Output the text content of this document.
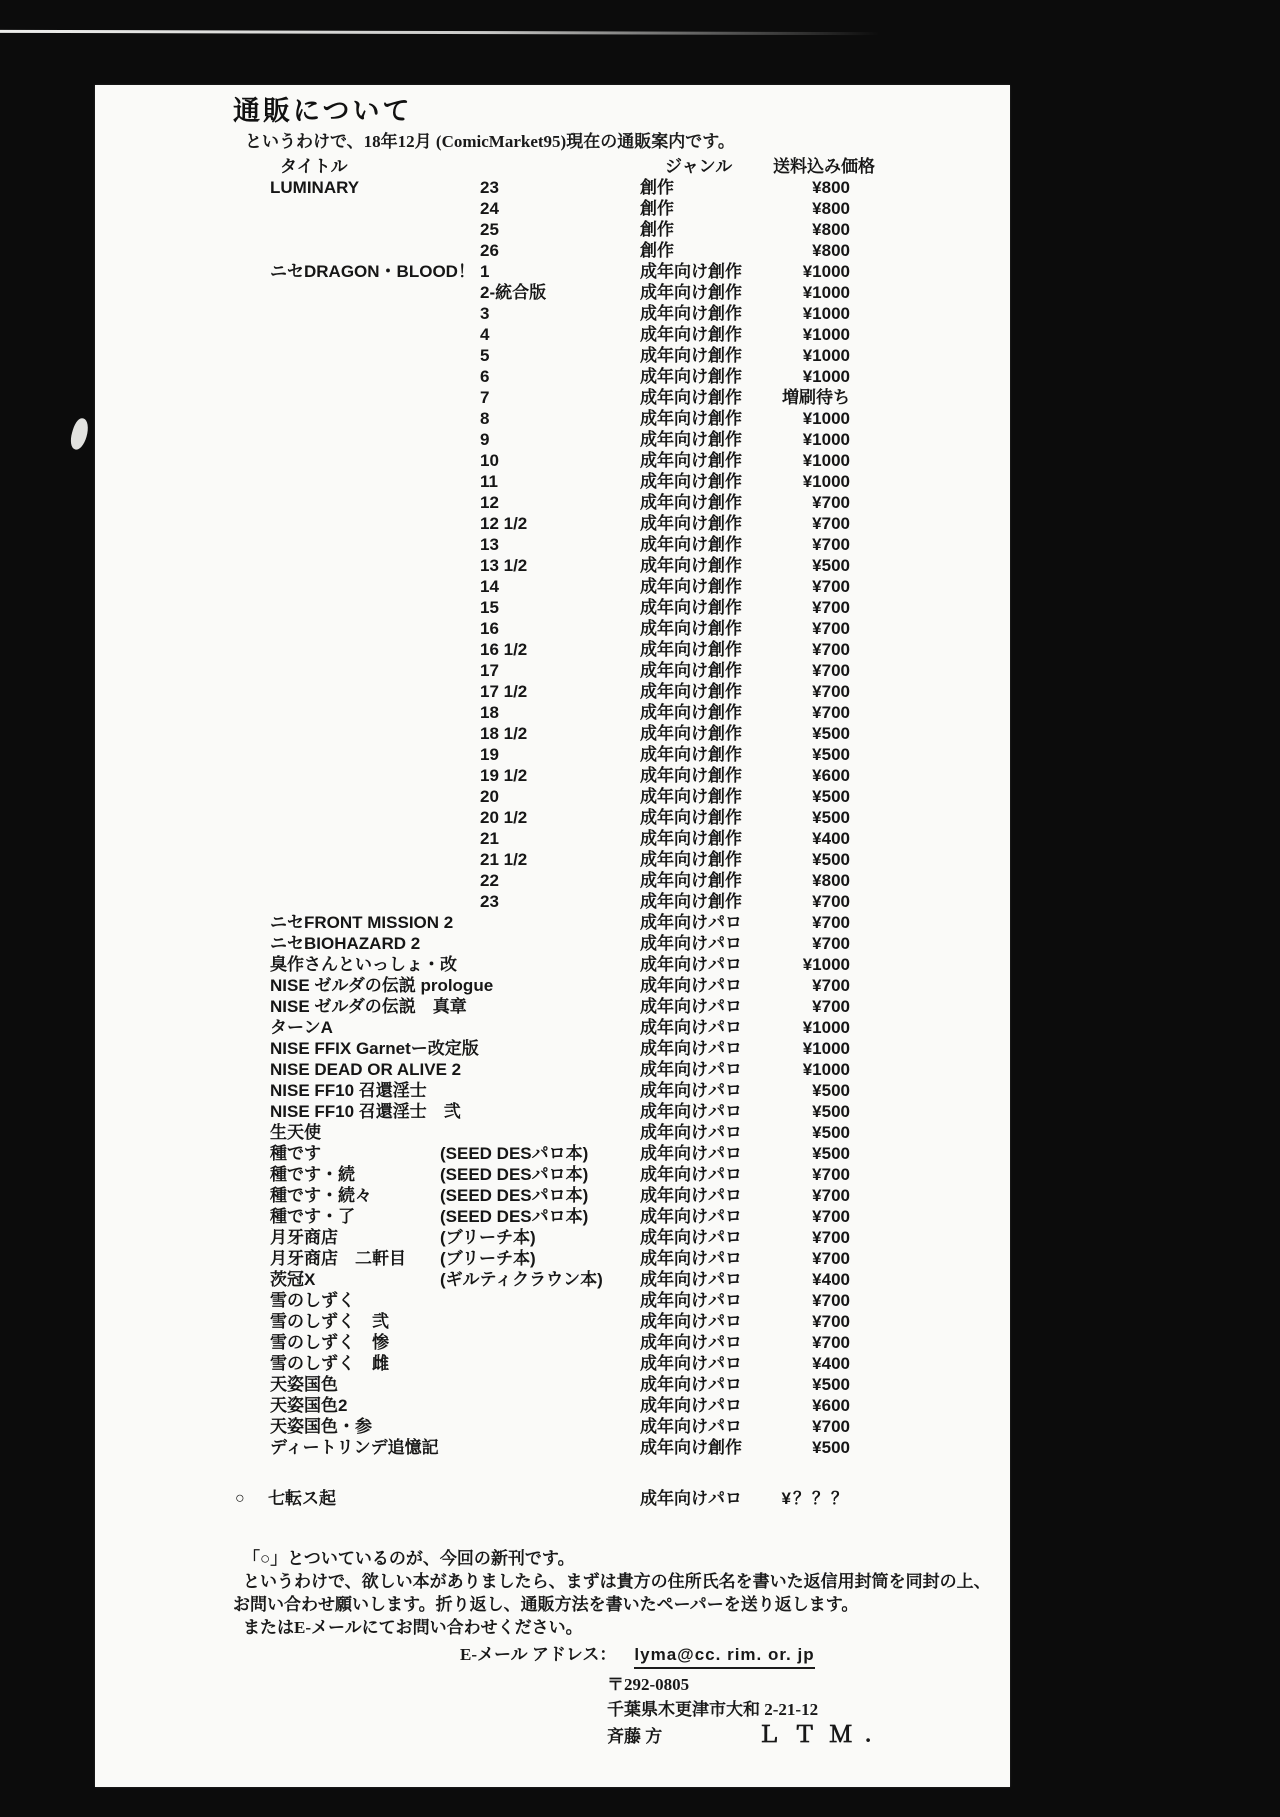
通販について
というわけで、18年12月 (ComicMarket95)現在の通販案内です。
タイトル	ジャンル	送料込み価格
LUMINARY	23	創作	¥800
24	創作	¥800
25	創作	¥800
26	創作	¥800
ニセDRAGON・BLOOD！ 1	成年向け創作	¥1000
2-統合版	成年向け創作	¥1000
3	成年向け創作	¥1000
4	成年向け創作	¥1000
5	成年向け創作	¥1000
6	成年向け創作	¥1000
7	成年向け創作	増刷待ち
8	成年向け創作	¥1000
9	成年向け創作	¥1000
10	成年向け創作	¥1000
11	成年向け創作	¥1000
12	成年向け創作	¥700
12 1/2	成年向け創作	¥700
13	成年向け創作	¥700
13 1/2	成年向け創作	¥500
14	成年向け創作	¥700
15	成年向け創作	¥700
16	成年向け創作	¥700
16 1/2	成年向け創作	¥700
17	成年向け創作	¥700
17 1/2	成年向け創作	¥700
18	成年向け創作	¥700
18 1/2	成年向け創作	¥500
19	成年向け創作	¥500
19 1/2	成年向け創作	¥600
20	成年向け創作	¥500
20 1/2	成年向け創作	¥500
21	成年向け創作	¥400
21 1/2	成年向け創作	¥500
22	成年向け創作	¥800
23	成年向け創作	¥700
ニセFRONT MISSION 2	成年向けパロ	¥700
ニセBIOHAZARD 2	成年向けパロ	¥700
臭作さんといっしょ・改	成年向けパロ	¥1000
NISE ゼルダの伝説 prologue	成年向けパロ	¥700
NISE ゼルダの伝説　真章	成年向けパロ	¥700
ターンA	成年向けパロ	¥1000
NISE FFIX Garnetー改定版	成年向けパロ	¥1000
NISE DEAD OR ALIVE 2	成年向けパロ	¥1000
NISE FF10 召還淫士	成年向けパロ	¥500
NISE FF10 召還淫士　弐	成年向けパロ	¥500
生天使	成年向けパロ	¥500
種です	(SEED DESパロ本)	成年向けパロ	¥500
種です・続	(SEED DESパロ本)	成年向けパロ	¥700
種です・続々	(SEED DESパロ本)	成年向けパロ	¥700
種です・了	(SEED DESパロ本)	成年向けパロ	¥700
月牙商店	(ブリーチ本)	成年向けパロ	¥700
月牙商店　二軒目	(ブリーチ本)	成年向けパロ	¥700
茨冠X	(ギルティクラウン本)	成年向けパロ	¥400
雪のしずく	成年向けパロ	¥700
雪のしずく　弐	成年向けパロ	¥700
雪のしずく　惨	成年向けパロ	¥700
雪のしずく　雌	成年向けパロ	¥400
天姿国色	成年向けパロ	¥500
天姿国色2	成年向けパロ	¥600
天姿国色・参	成年向けパロ	¥700
ディートリンデ追憶記	成年向け創作	¥500
○	七転ス起	成年向けパロ	¥？？？
「○」とついているのが、今回の新刊です。
というわけで、欲しい本がありましたら、まずは貴方の住所氏名を書いた返信用封筒を同封の上、
お問い合わせ願いします。折り返し、通販方法を書いたペーパーを送り返します。
またはE-メールにてお問い合わせください。
E-メール アドレス： lyma@cc. rim. or. jp
〒292-0805
千葉県木更津市大和 2-21-12
斉藤 方	ＬＴＭ.
